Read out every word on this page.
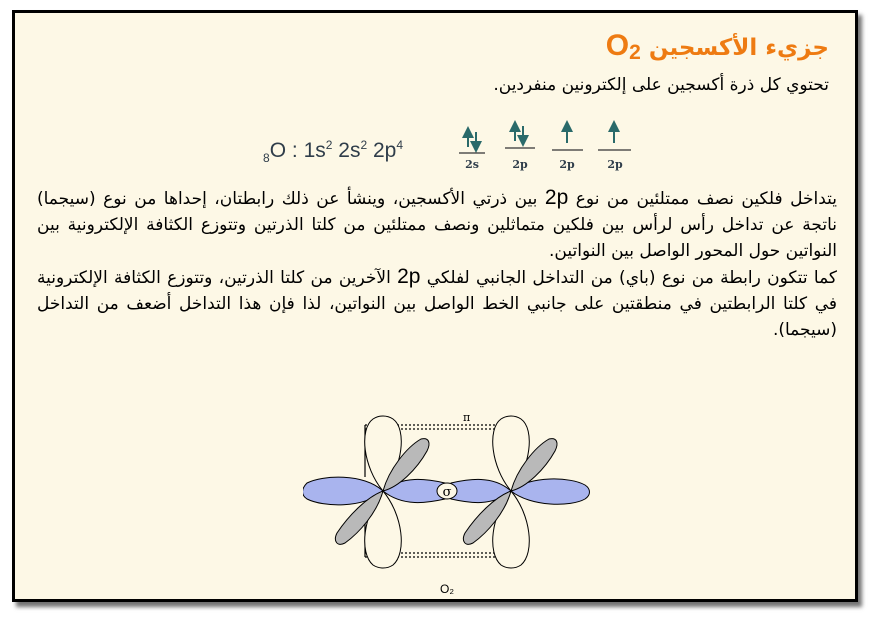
جزيء الأكسجين $O_2$
تحتوي كل ذرة أكسجين على إلكترونين منفردين.
$_8$O : $1s^2$ $2s^2$ $2p^4$
2s	2p	2p	2p
يتداخل فلكين نصف ممتلئين من نوع 2p بين ذرتي الأكسجين، وينشأ عن ذلك رابطتان، إحداها من نوع (سيجما) ناتجة عن تداخل رأس لرأس بين فلكين متماثلين ونصف ممتلئين من كلتا الذرتين وتتوزع الكثافة الإلكترونية بين النواتين حول المحور الواصل بين النواتين.
كما تتكون رابطة من نوع (باي) من التداخل الجانبي لفلكي 2p الآخرين من كلتا الذرتين، وتتوزع الكثافة الإلكترونية في كلتا الرابطتين في منطقتين على جانبي الخط الواصل بين النواتين، لذا فإن هذا التداخل أضعف من التداخل (سيجما).
π
σ
O₂
